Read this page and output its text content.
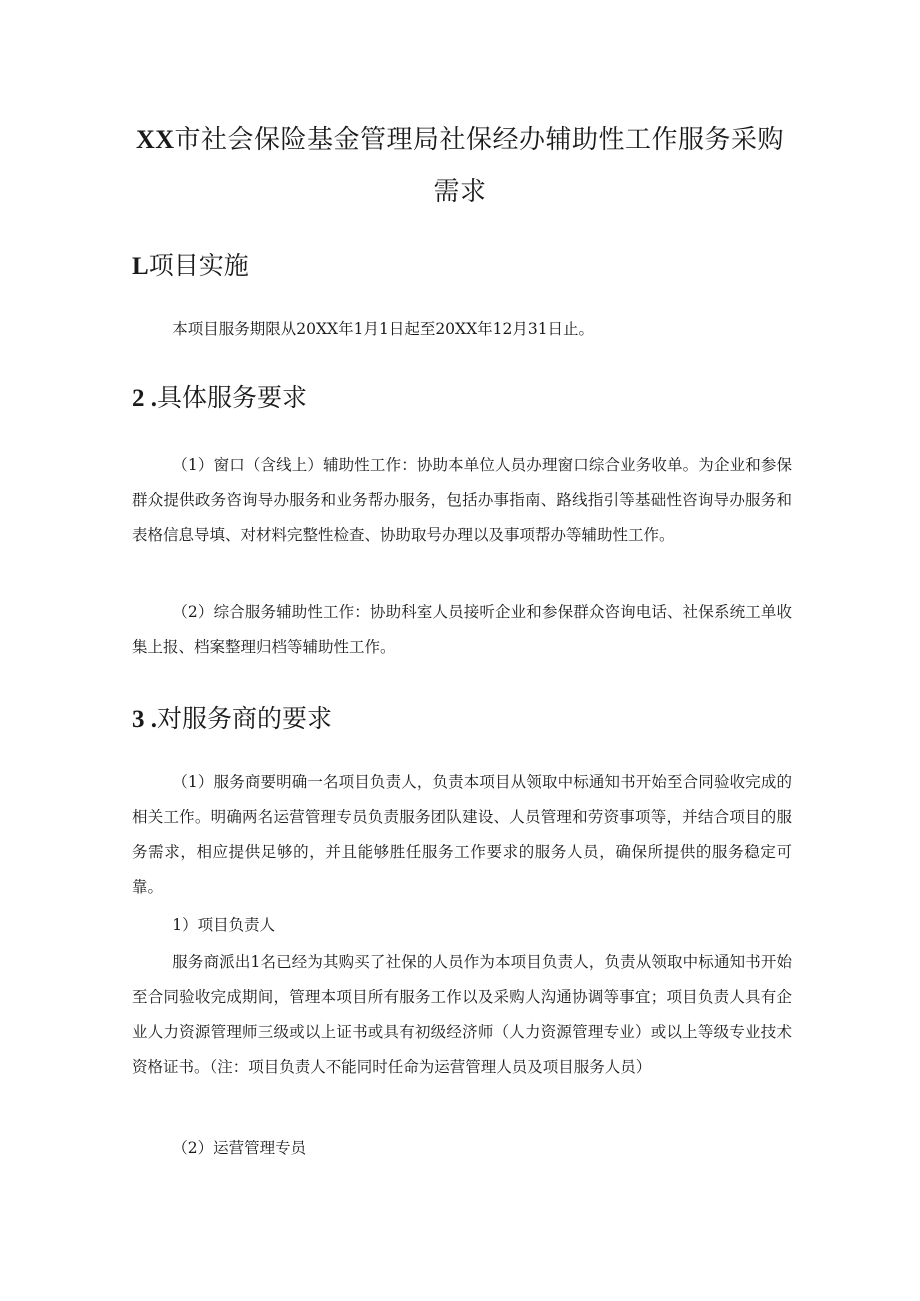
XX市社会保险基金管理局社保经办辅助性工作服务采购需求
L项目实施

本项目服务期限从20XX年1月1日起至20XX年12月31日止。

2 .具体服务要求

（1）窗口（含线上）辅助性工作：协助本单位人员办理窗口综合业务收单。为企业和参保群众提供政务咨询导办服务和业务帮办服务，包括办事指南、路线指引等基础性咨询导办服务和表格信息导填、对材料完整性检查、协助取号办理以及事项帮办等辅助性工作。

（2）综合服务辅助性工作：协助科室人员接听企业和参保群众咨询电话、社保系统工单收集上报、档案整理归档等辅助性工作。

3 .对服务商的要求

（1）服务商要明确一名项目负责人，负责本项目从领取中标通知书开始至合同验收完成的相关工作。明确两名运营管理专员负责服务团队建设、人员管理和劳资事项等，并结合项目的服务需求，相应提供足够的，并且能够胜任服务工作要求的服务人员，确保所提供的服务稳定可靠。

1）项目负责人

服务商派出1名已经为其购买了社保的人员作为本项目负责人，负责从领取中标通知书开始至合同验收完成期间，管理本项目所有服务工作以及采购人沟通协调等事宜；项目负责人具有企业人力资源管理师三级或以上证书或具有初级经济师（人力资源管理专业）或以上等级专业技术资格证书。（注：项目负责人不能同时任命为运营管理人员及项目服务人员）

（2）运营管理专员
